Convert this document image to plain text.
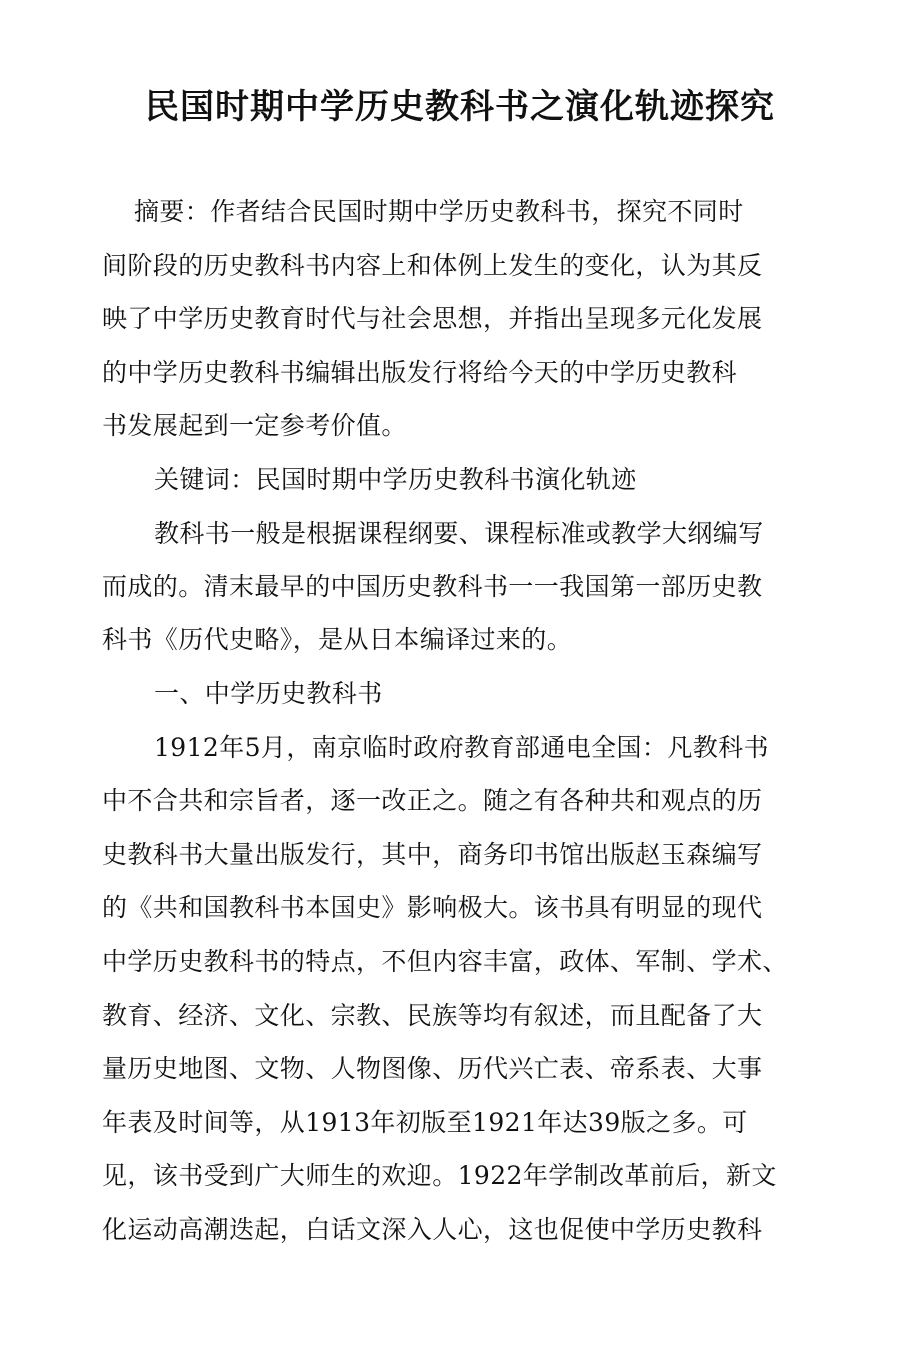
民国时期中学历史教科书之演化轨迹探究
摘要：作者结合民国时期中学历史教科书，探究不同时
间阶段的历史教科书内容上和体例上发生的变化，认为其反
映了中学历史教育时代与社会思想，并指出呈现多元化发展
的中学历史教科书编辑出版发行将给今天的中学历史教科
书发展起到一定参考价值。
关键词：民国时期中学历史教科书演化轨迹
教科书一般是根据课程纲要、课程标准或教学大纲编写
而成的。清末最早的中国历史教科书一一我国第一部历史教
科书《历代史略》，是从日本编译过来的。
一、中学历史教科书
1912年5月，南京临时政府教育部通电全国：凡教科书
中不合共和宗旨者，逐一改正之。随之有各种共和观点的历
史教科书大量出版发行，其中，商务印书馆出版赵玉森编写
的《共和国教科书本国史》影响极大。该书具有明显的现代
中学历史教科书的特点，不但内容丰富，政体、军制、学术、
教育、经济、文化、宗教、民族等均有叙述，而且配备了大
量历史地图、文物、人物图像、历代兴亡表、帝系表、大事
年表及时间等，从1913年初版至1921年达39版之多。可
见，该书受到广大师生的欢迎。1922年学制改革前后，新文
化运动高潮迭起，白话文深入人心，这也促使中学历史教科
